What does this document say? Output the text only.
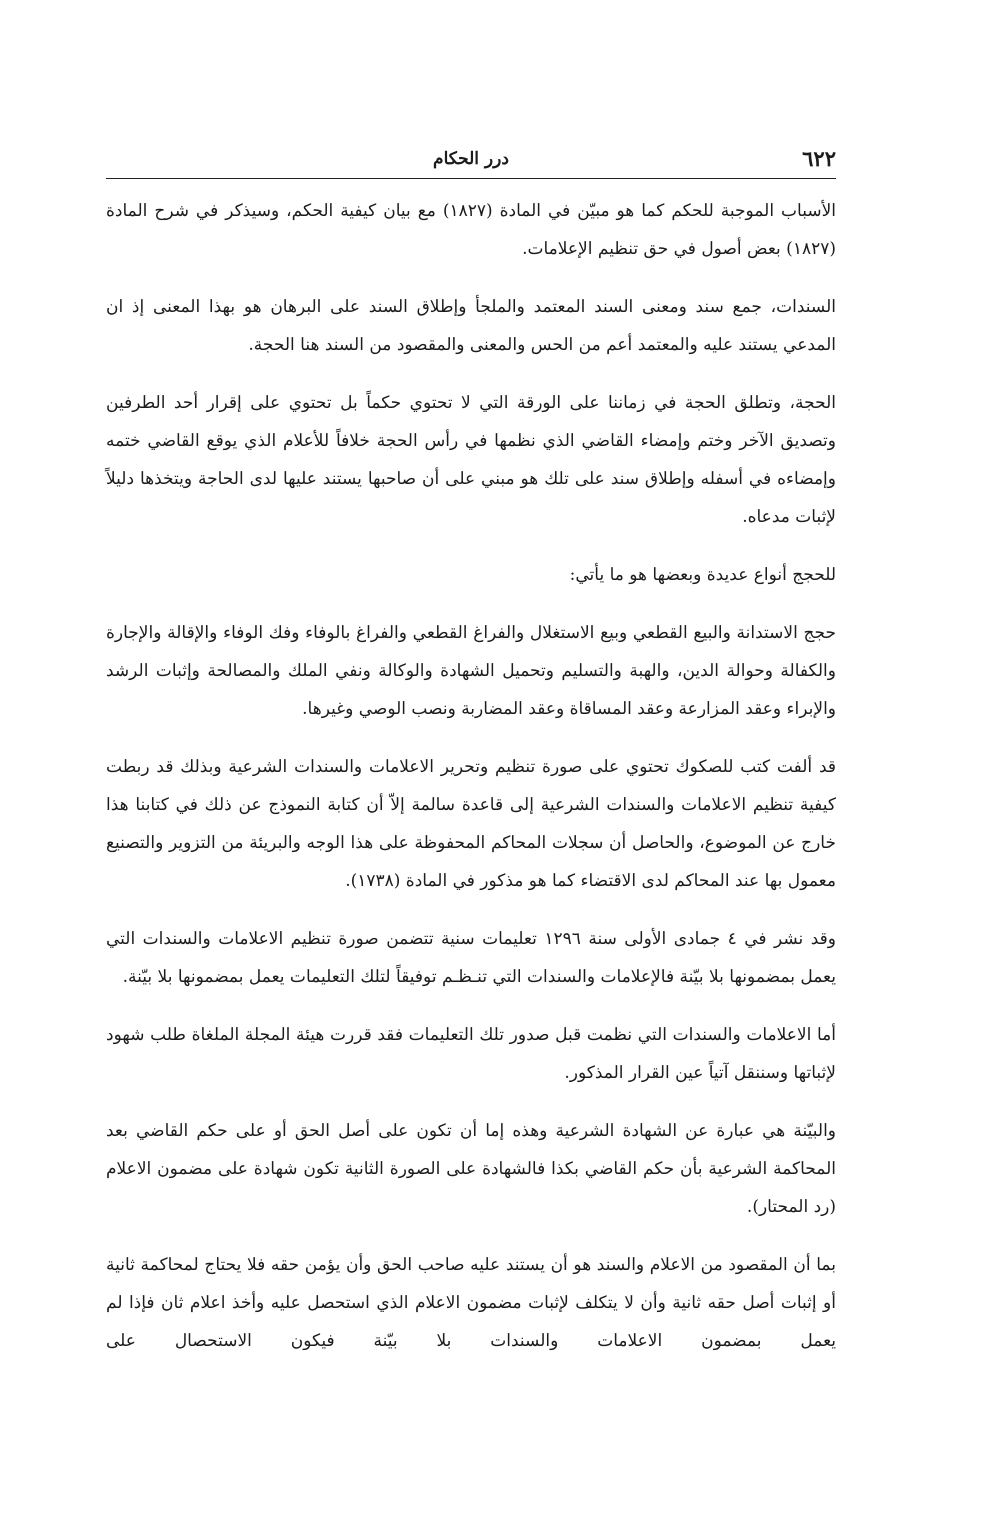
٦٢٢
درر الحكام

الأسباب الموجبة للحكم كما هو مبيّن في المادة (١٨٢٧) مع بيان كيفية الحكم، وسيذكر في شرح المادة (١٨٢٧) بعض أصول في حق تنظيم الإعلامات.

السندات، جمع سند ومعنى السند المعتمد والملجأ وإطلاق السند على البرهان هو بهذا المعنى إذ ان المدعي يستند عليه والمعتمد أعم من الحس والمعنى والمقصود من السند هنا الحجة.

الحجة، وتطلق الحجة في زماننا على الورقة التي لا تحتوي حكماً بل تحتوي على إقرار أحد الطرفين وتصديق الآخر وختم وإمضاء القاضي الذي نظمها في رأس الحجة خلافاً للأعلام الذي يوقع القاضي ختمه وإمضاءه في أسفله وإطلاق سند على تلك هو مبني على أن صاحبها يستند عليها لدى الحاجة ويتخذها دليلاً لإثبات مدعاه.

للحجج أنواع عديدة وبعضها هو ما يأتي:

حجج الاستدانة والبيع القطعي وبيع الاستغلال والفراغ القطعي والفراغ بالوفاء وفك الوفاء والإقالة والإجارة والكفالة وحوالة الدين، والهبة والتسليم وتحميل الشهادة والوكالة ونفي الملك والمصالحة وإثبات الرشد والإبراء وعقد المزارعة وعقد المساقاة وعقد المضاربة ونصب الوصي وغيرها.

قد ألفت كتب للصكوك تحتوي على صورة تنظيم وتحرير الاعلامات والسندات الشرعية وبذلك قد ربطت كيفية تنظيم الاعلامات والسندات الشرعية إلى قاعدة سالمة إلاّ أن كتابة النموذج عن ذلك في كتابنا هذا خارج عن الموضوع، والحاصل أن سجلات المحاكم المحفوظة على هذا الوجه والبريئة من التزوير والتصنيع معمول بها عند المحاكم لدى الاقتضاء كما هو مذكور في المادة (١٧٣٨).

وقد نشر في ٤ جمادى الأولى سنة ١٢٩٦ تعليمات سنية تتضمن صورة تنظيم الاعلامات والسندات التي يعمل بمضمونها بلا بيّنة فالإعلامات والسندات التي تنـظـم توفيقاً لتلك التعليمات يعمل بمضمونها بلا بيّنة.

أما الاعلامات والسندات التي نظمت قبل صدور تلك التعليمات فقد قررت هيئة المجلة الملغاة طلب شهود لإثباتها وسننقل آتياً عين القرار المذكور.

والبيّنة هي عبارة عن الشهادة الشرعية وهذه إما أن تكون على أصل الحق أو على حكم القاضي بعد المحاكمة الشرعية بأن حكم القاضي بكذا فالشهادة على الصورة الثانية تكون شهادة على مضمون الاعلام (رد المحتار).

بما أن المقصود من الاعلام والسند هو أن يستند عليه صاحب الحق وأن يؤمن حقه فلا يحتاج لمحاكمة ثانية أو إثبات أصل حقه ثانية وأن لا يتكلف لإثبات مضمون الاعلام الذي استحصل عليه وأخذ اعلام ثان فإذا لم يعمل بمضمون الاعلامات والسندات بلا بيّنة فيكون الاستحصال على
